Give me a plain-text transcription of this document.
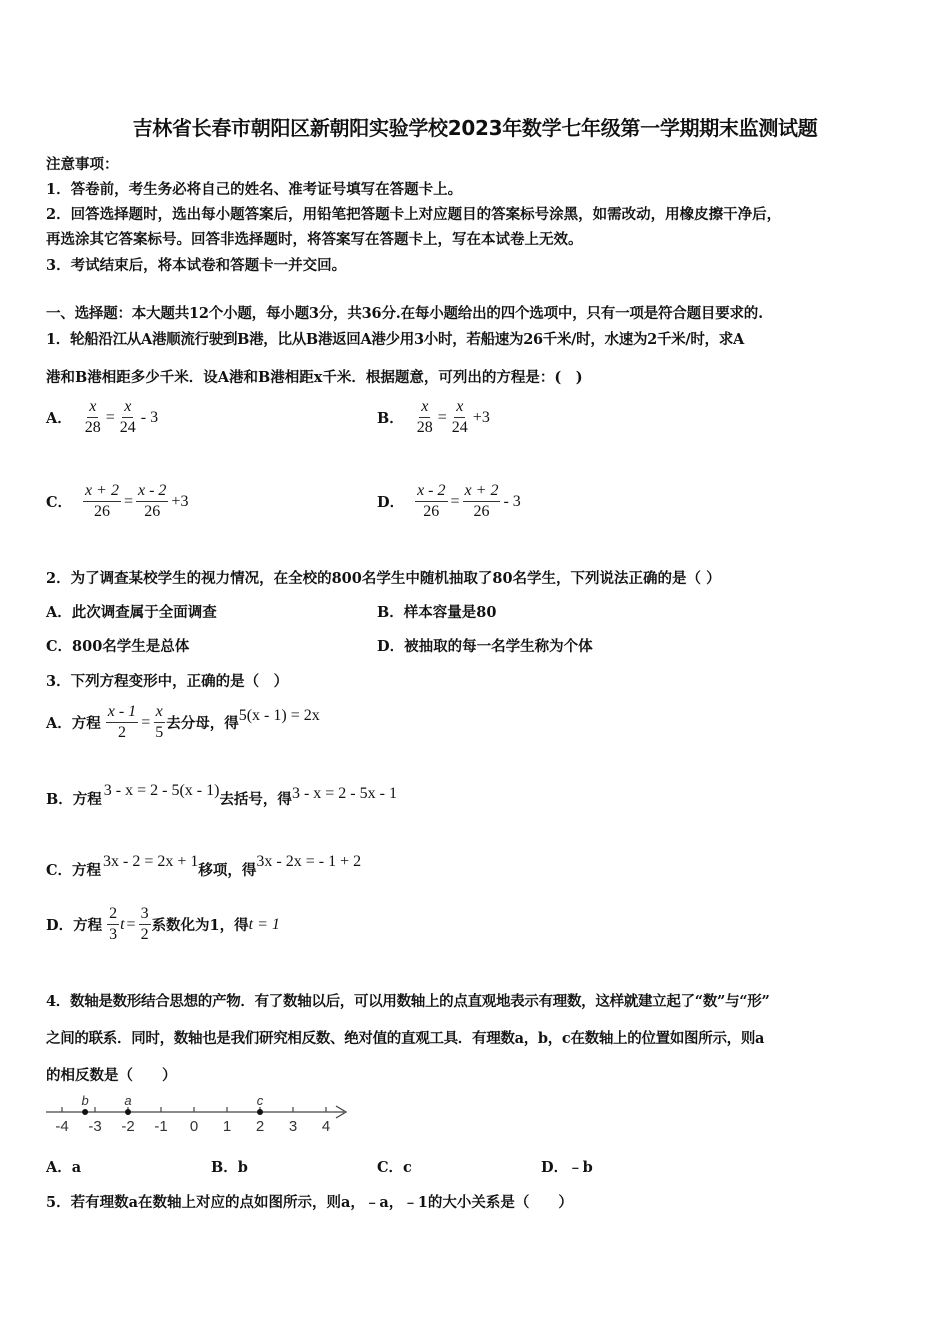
吉林省长春市朝阳区新朝阳实验学校2023年数学七年级第一学期期末监测试题
注意事项：
1．答卷前，考生务必将自己的姓名、准考证号填写在答题卡上。
2．回答选择题时，选出每小题答案后，用铅笔把答题卡上对应题目的答案标号涂黑，如需改动，用橡皮擦干净后，
再选涂其它答案标号。回答非选择题时，将答案写在答题卡上，写在本试卷上无效。
3．考试结束后，将本试卷和答题卡一并交回。
一、选择题：本大题共12个小题，每小题3分，共36分.在每小题给出的四个选项中，只有一项是符合题目要求的.
1．轮船沿江从A港顺流行驶到B港，比从B港返回A港少用3小时，若船速为26千米/时，水速为2千米/时，求A
港和B港相距多少千米．设A港和B港相距x千米．根据题意，可列出的方程是：(　)
A． $\frac{x}{28} = \frac{x}{24} - 3$	B． $\frac{x}{28} = \frac{x}{24} +3$
C． $\frac{x + 2}{26} = \frac{x - 2}{26} +3$	D． $\frac{x - 2}{26} = \frac{x + 2}{26} - 3$
2．为了调查某校学生的视力情况，在全校的800名学生中随机抽取了80名学生，下列说法正确的是（ ）
A．此次调查属于全面调查	B．样本容量是80
C．800名学生是总体	D．被抽取的每一名学生称为个体
3．下列方程变形中，正确的是（　）
A．方程 $\frac{x - 1}{2} = \frac{x}{5}$ 去分母，得 5(x - 1) = 2x
B．方程
3 - x = 2 - 5(x - 1)
去括号，得 3 - x = 2 - 5x - 1
C．方程
3x - 2 = 2x + 1
移项，得
3x - 2x = - 1 + 2
D．方程 $\frac{2}{3}$ $t = \frac{3}{2}$ 系数化为1，得 t = 1
4．数轴是数形结合思想的产物．有了数轴以后，可以用数轴上的点直观地表示有理数，这样就建立起了“数”与“形”
之间的联系．同时，数轴也是我们研究相反数、绝对值的直观工具．有理数a，b，c在数轴上的位置如图所示，则a
的相反数是（　　）
-4 -3 -2 -1 0 1 2 3 4
b	a	c
A．a	B．b	C．c	D．﹣b
5．若有理数a在数轴上对应的点如图所示，则a，﹣a，﹣1的大小关系是（　　）
